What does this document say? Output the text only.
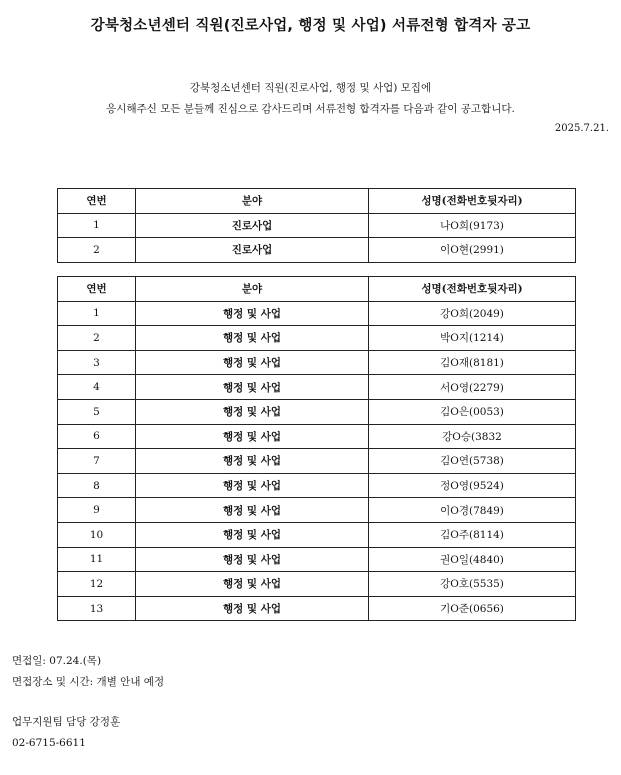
강북청소년센터 직원(진로사업, 행정 및 사업) 서류전형 합격자 공고
강북청소년센터 직원(진로사업, 행정 및 사업) 모집에
응시해주신 모든 분들께 진심으로 감사드리며 서류전형 합격자를 다음과 같이 공고합니다.
2025.7.21.
연번	분야	성명(전화번호뒷자리)
1	진로사업	나O희(9173)
2	진로사업	이O현(2991)
연번	분야	성명(전화번호뒷자리)
1	행정 및 사업	강O희(2049)
2	행정 및 사업	박O지(1214)
3	행정 및 사업	김O재(8181)
4	행정 및 사업	서O영(2279)
5	행정 및 사업	김O은(0053)
6	행정 및 사업	강O승(3832
7	행정 및 사업	김O연(5738)
8	행정 및 사업	정O영(9524)
9	행정 및 사업	이O경(7849)
10	행정 및 사업	김O주(8114)
11	행정 및 사업	권O일(4840)
12	행정 및 사업	강O호(5535)
13	행정 및 사업	기O준(0656)
면접일: 07.24.(목)
면접장소 및 시간: 개별 안내 예정
업무지원팀 담당 강정훈
02-6715-6611
